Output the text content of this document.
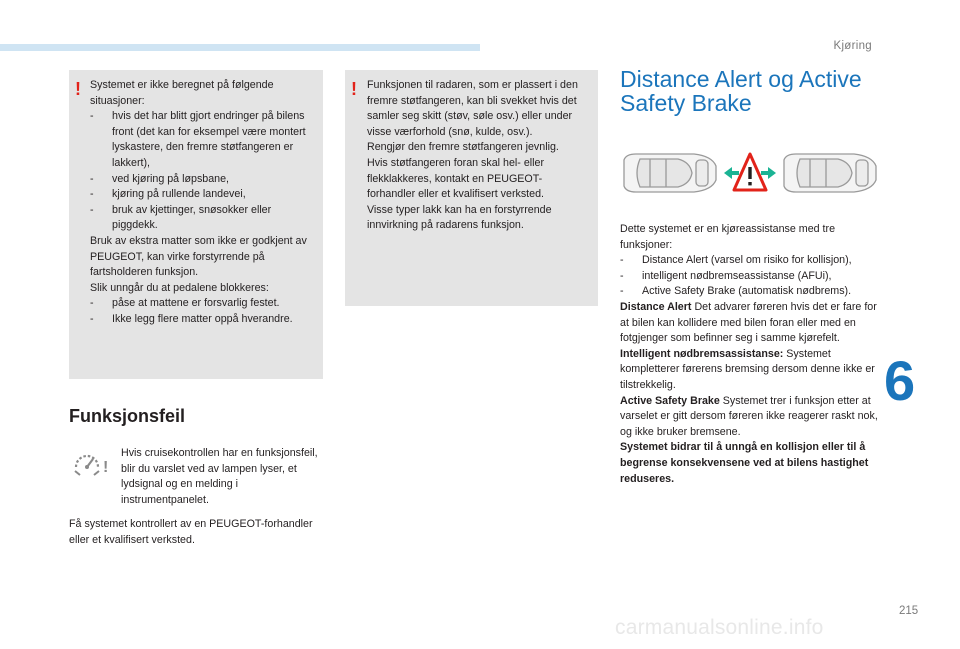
Kjøring
6
215
carmanualsonline.info
! Systemet er ikke beregnet på følgende situasjoner:
- hvis det har blitt gjort endringer på bilens front (det kan for eksempel være montert lyskastere, den fremre støtfangeren er lakkert),
- ved kjøring på løpsbane,
- kjøring på rullende landevei,
- bruk av kjettinger, snøsokker eller piggdekk.
Bruk av ekstra matter som ikke er godkjent av PEUGEOT, kan virke forstyrrende på fartsholderen funksjon.
Slik unngår du at pedalene blokkeres:
- påse at mattene er forsvarlig festet.
- Ikke legg flere matter oppå hverandre.
! Funksjonen til radaren, som er plassert i den fremre støtfangeren, kan bli svekket hvis det samler seg skitt (støv, søle osv.) eller under visse værforhold (snø, kulde, osv.).
Rengjør den fremre støtfangeren jevnlig.
Hvis støtfangeren foran skal hel- eller flekklakkeres, kontakt en PEUGEOT-forhandler eller et kvalifisert verksted.
Visse typer lakk kan ha en forstyrrende innvirkning på radarens funksjon.
Funksjonsfeil
!
Hvis cruisekontrollen har en funksjonsfeil, blir du varslet ved av lampen lyser, et lydsignal og en melding i instrumentpanelet.
Få systemet kontrollert av en PEUGEOT-forhandler eller et kvalifisert verksted.
Distance Alert og Active
Safety Brake
Dette systemet er en kjøreassistanse med tre funksjoner:
- Distance Alert (varsel om risiko for kollisjon),
- intelligent nødbremseassistanse (AFUi),
- Active Safety Brake (automatisk nødbrems).
Distance Alert Det advarer føreren hvis det er fare for at bilen kan kollidere med bilen foran eller med en fotgjenger som befinner seg i samme kjørefelt.
Intelligent nødbremsassistanse: Systemet kompletterer førerens bremsing dersom denne ikke er tilstrekkelig.
Active Safety Brake Systemet trer i funksjon etter at varselet er gitt dersom føreren ikke reagerer raskt nok, og ikke bruker bremsene.
Systemet bidrar til å unngå en kollisjon eller til å begrense konsekvensene ved at bilens hastighet reduseres.
